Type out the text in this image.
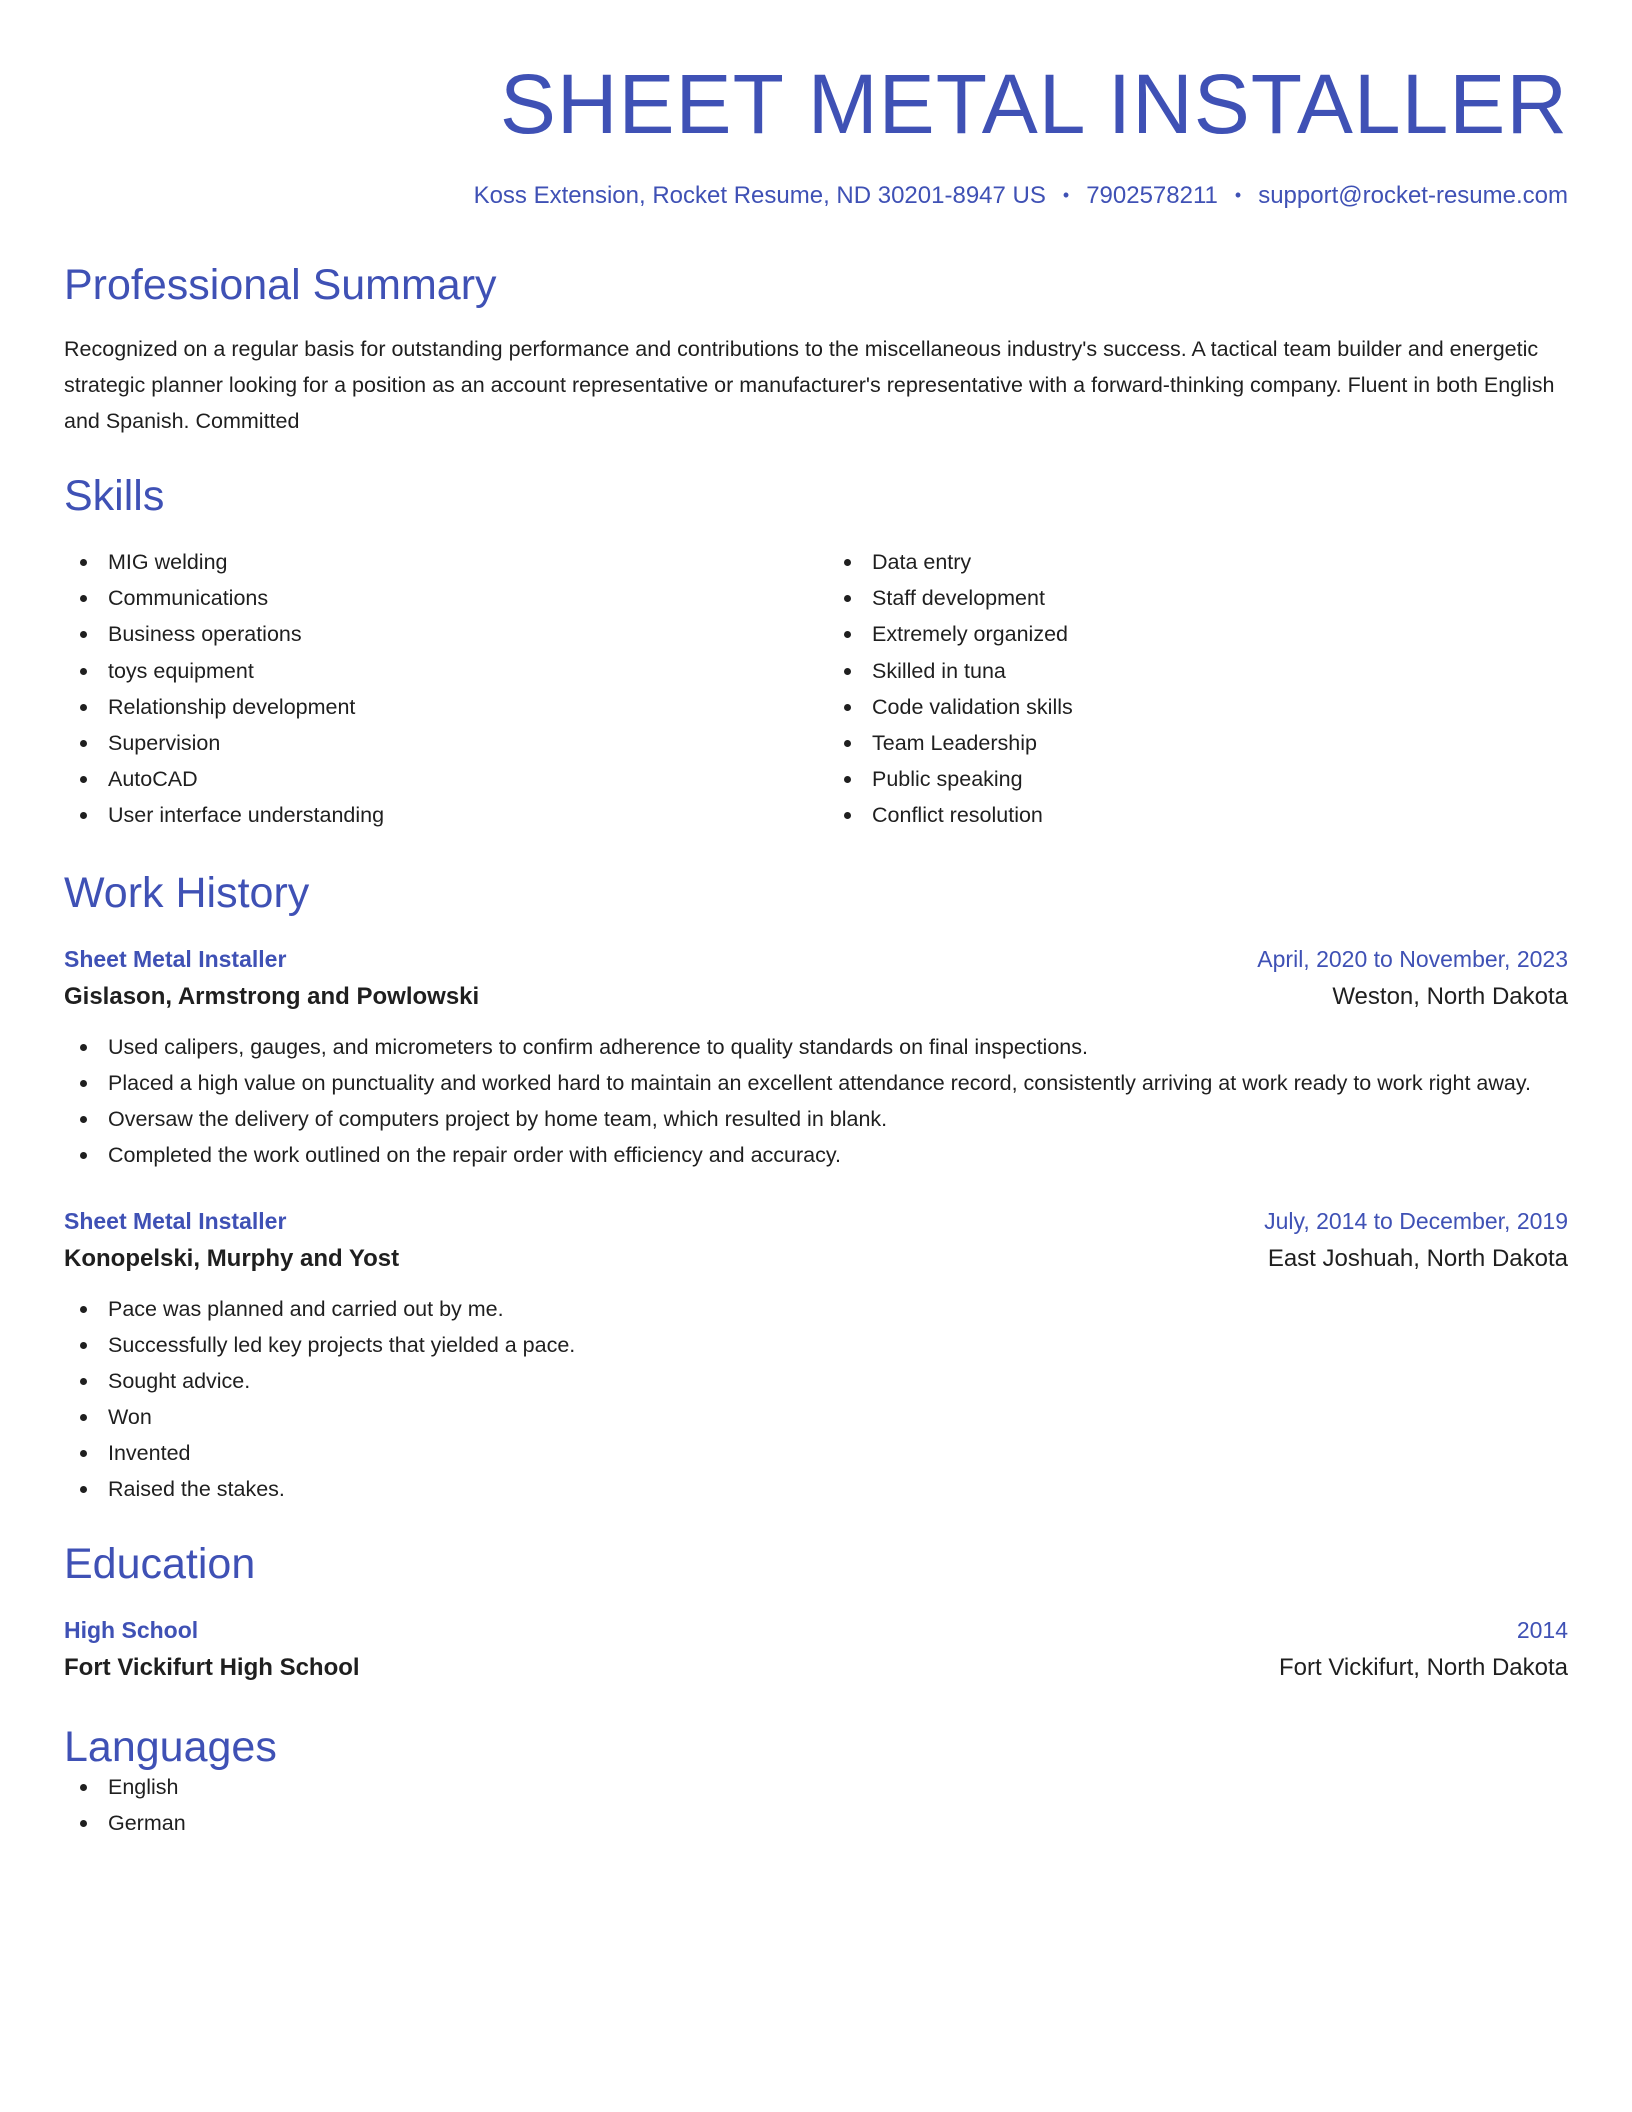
SHEET METAL INSTALLER
Koss Extension, Rocket Resume, ND 30201-8947 US • 7902578211 • support@rocket-resume.com
Professional Summary
Recognized on a regular basis for outstanding performance and contributions to the miscellaneous industry's success. A tactical team builder and energetic strategic planner looking for a position as an account representative or manufacturer's representative with a forward-thinking company. Fluent in both English and Spanish. Committed
Skills
MIG welding
Communications
Business operations
toys equipment
Relationship development
Supervision
AutoCAD
User interface understanding
Data entry
Staff development
Extremely organized
Skilled in tuna
Code validation skills
Team Leadership
Public speaking
Conflict resolution
Work History
Sheet Metal Installer	April, 2020 to November, 2023
Gislason, Armstrong and Powlowski	Weston, North Dakota
Used calipers, gauges, and micrometers to confirm adherence to quality standards on final inspections.
Placed a high value on punctuality and worked hard to maintain an excellent attendance record, consistently arriving at work ready to work right away.
Oversaw the delivery of computers project by home team, which resulted in blank.
Completed the work outlined on the repair order with efficiency and accuracy.
Sheet Metal Installer	July, 2014 to December, 2019
Konopelski, Murphy and Yost	East Joshuah, North Dakota
Pace was planned and carried out by me.
Successfully led key projects that yielded a pace.
Sought advice.
Won
Invented
Raised the stakes.
Education
High School	2014
Fort Vickifurt High School	Fort Vickifurt, North Dakota
Languages
English
German
